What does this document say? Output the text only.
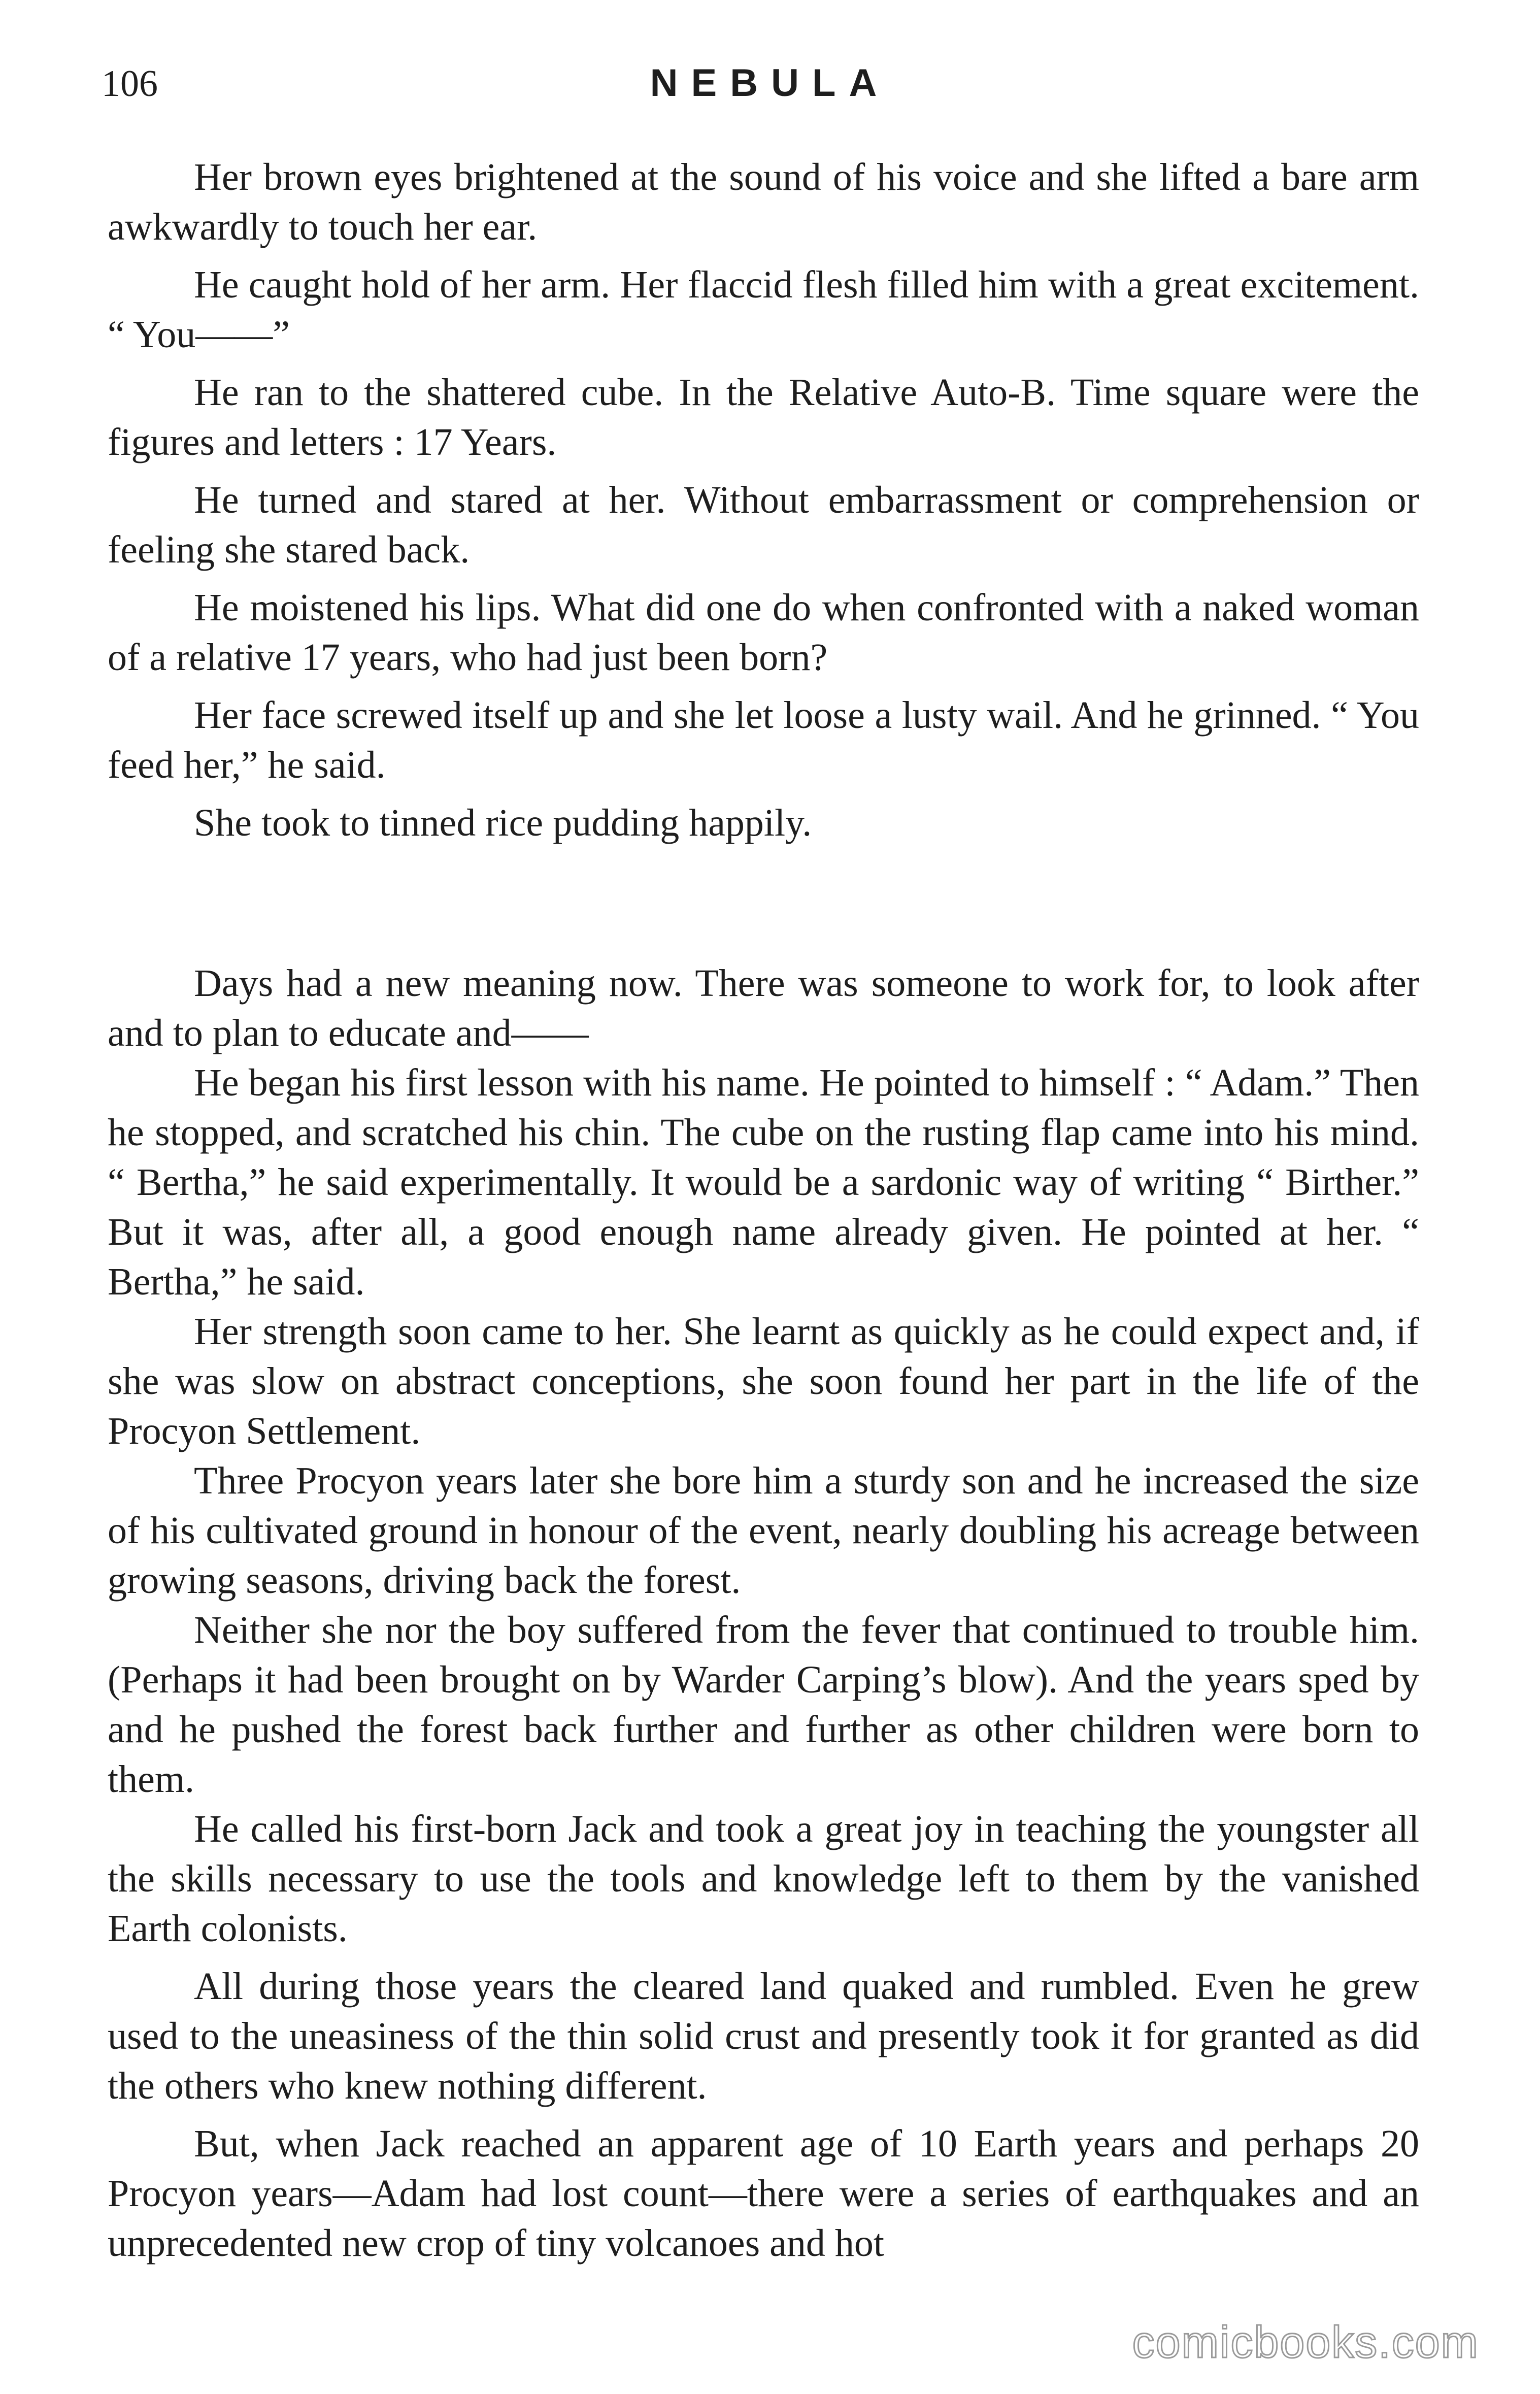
106	NEBULA

Her brown eyes brightened at the sound of his voice and she lifted a bare arm awkwardly to touch her ear.

He caught hold of her arm. Her flaccid flesh filled him with a great excitement. “ You——”

He ran to the shattered cube. In the Relative Auto-B. Time square were the figures and letters : 17 Years.

He turned and stared at her. Without embarrassment or comprehension or feeling she stared back.

He moistened his lips. What did one do when confronted with a naked woman of a relative 17 years, who had just been born?

Her face screwed itself up and she let loose a lusty wail. And he grinned. “ You feed her,” he said.

She took to tinned rice pudding happily.

Days had a new meaning now. There was someone to work for, to look after and to plan to educate and——

He began his first lesson with his name. He pointed to himself : “ Adam.” Then he stopped, and scratched his chin. The cube on the rusting flap came into his mind. “ Bertha,” he said experimentally. It would be a sardonic way of writing “ Birther.” But it was, after all, a good enough name already given. He pointed at her. “ Bertha,” he said.

Her strength soon came to her. She learnt as quickly as he could expect and, if she was slow on abstract conceptions, she soon found her part in the life of the Procyon Settlement.

Three Procyon years later she bore him a sturdy son and he increased the size of his cultivated ground in honour of the event, nearly doubling his acreage between growing seasons, driving back the forest.

Neither she nor the boy suffered from the fever that continued to trouble him. (Perhaps it had been brought on by Warder Carping’s blow). And the years sped by and he pushed the forest back further and further as other children were born to them.

He called his first-born Jack and took a great joy in teaching the youngster all the skills necessary to use the tools and knowledge left to them by the vanished Earth colonists.

All during those years the cleared land quaked and rumbled. Even he grew used to the uneasiness of the thin solid crust and presently took it for granted as did the others who knew nothing different.

But, when Jack reached an apparent age of 10 Earth years and perhaps 20 Procyon years—Adam had lost count—there were a series of earthquakes and an unprecedented new crop of tiny volcanoes and hot

comicbooks.com
